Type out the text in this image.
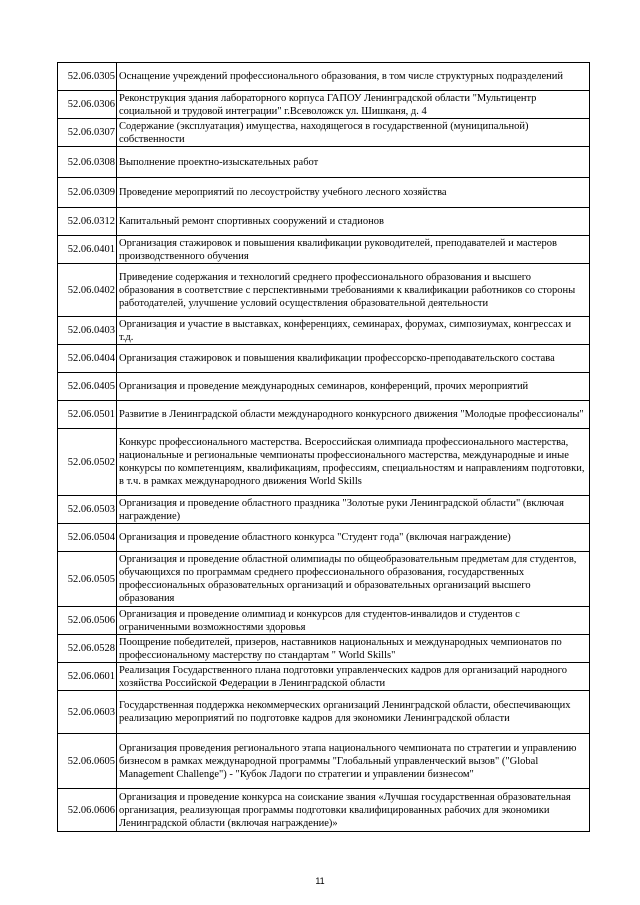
52.06.0305	Оснащение учреждений профессионального образования, в том числе структурных подразделений
52.06.0306	Реконструкция здания лабораторного корпуса ГАПОУ Ленинградской области "Мультицентр социальной и трудовой интеграции" г.Всеволожск ул. Шишканя, д. 4
52.06.0307	Содержание (эксплуатация) имущества, находящегося в государственной (муниципальной) собственности
52.06.0308	Выполнение проектно-изыскательных работ
52.06.0309	Проведение мероприятий по лесоустройству учебного лесного хозяйства
52.06.0312	Капитальный ремонт спортивных сооружений и стадионов
52.06.0401	Организация стажировок и повышения квалификации руководителей, преподавателей и мастеров производственного обучения
52.06.0402	Приведение содержания и технологий среднего профессионального образования и высшего образования в соответствие с перспективными требованиями к квалификации работников со стороны работодателей, улучшение условий осуществления образовательной деятельности
52.06.0403	Организация и участие в выставках, конференциях, семинарах, форумах, симпозиумах, конгрессах и т.д.
52.06.0404	Организация стажировок и повышения квалификации профессорско-преподавательского состава
52.06.0405	Организация и проведение международных семинаров, конференций, прочих мероприятий
52.06.0501	Развитие в Ленинградской области международного конкурсного движения "Молодые профессионалы"
52.06.0502	Конкурс профессионального мастерства. Всероссийская олимпиада профессионального мастерства, национальные и региональные чемпионаты профессионального мастерства, международные и иные конкурсы по компетенциям, квалификациям, профессиям, специальностям и направлениям подготовки, в т.ч. в рамках международного движения World Skills
52.06.0503	Организация и проведение областного праздника "Золотые руки Ленинградской области" (включая награждение)
52.06.0504	Организация и проведение областного конкурса "Студент года" (включая награждение)
52.06.0505	Организация и проведение областной олимпиады по общеобразовательным предметам для студентов, обучающихся по программам среднего профессионального образования, государственных профессиональных образовательных организаций и образовательных организаций высшего образования
52.06.0506	Организация и проведение олимпиад и конкурсов для студентов-инвалидов и студентов с ограниченными возможностями здоровья
52.06.0528	Поощрение победителей, призеров, наставников национальных и международных чемпионатов по профессиональному мастерству по стандартам " World Skills"
52.06.0601	Реализация Государственного плана подготовки управленческих кадров для организаций народного хозяйства Российской Федерации в Ленинградской области
52.06.0603	Государственная поддержка некоммерческих организаций Ленинградской области, обеспечивающих реализацию мероприятий по подготовке кадров для экономики Ленинградской области
52.06.0605	Организация проведения регионального этапа национального чемпионата по стратегии и управлению бизнесом в рамках международной программы "Глобальный управленческий вызов" ("Global Management Challenge") - "Кубок Ладоги по стратегии и управлении бизнесом"
52.06.0606	Организация и проведение конкурса на соискание звания «Лучшая государственная образовательная организация, реализующая программы подготовки квалифицированных рабочих для экономики Ленинградской области (включая награждение)»
11
